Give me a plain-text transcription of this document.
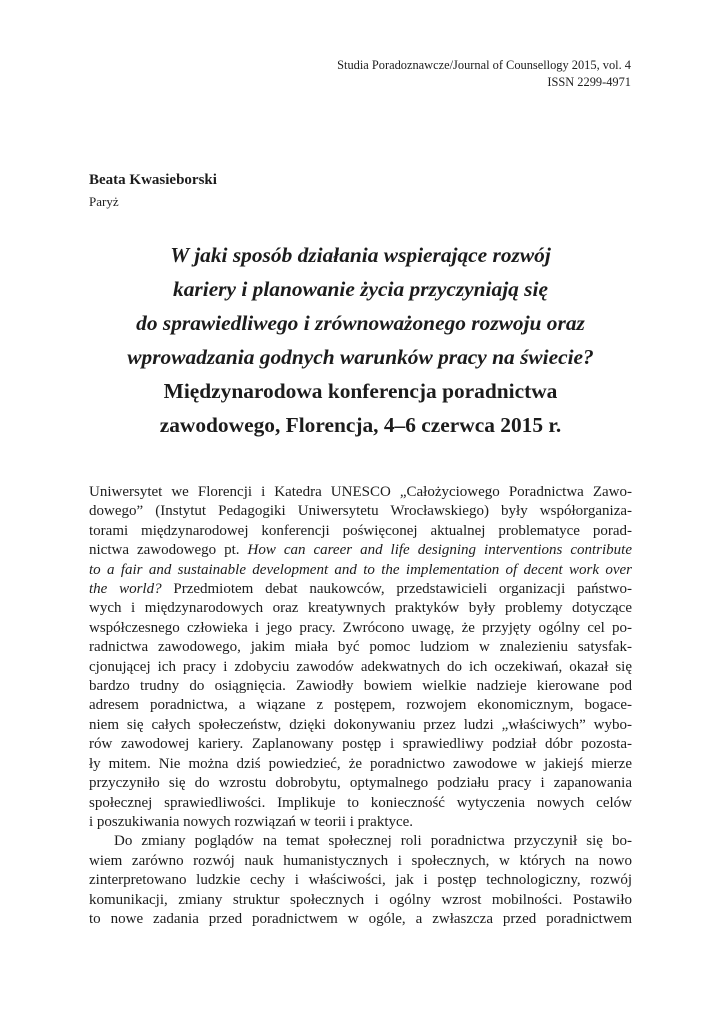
Studia Poradoznawcze/Journal of Counsellogy 2015, vol. 4
ISSN 2299-4971
Beata Kwasieborski
Paryż
W jaki sposób działania wspierające rozwój
kariery i planowanie życia przyczyniają się
do sprawiedliwego i zrównoważonego rozwoju oraz
wprowadzania godnych warunków pracy na świecie?
Międzynarodowa konferencja poradnictwa
zawodowego, Florencja, 4–6 czerwca 2015 r.
Uniwersytet we Florencji i Katedra UNESCO „Całożyciowego Poradnictwa Zawo-
dowego” (Instytut Pedagogiki Uniwersytetu Wrocławskiego) były współorganiza-
torami międzynarodowej konferencji poświęconej aktualnej problematyce porad-
nictwa zawodowego pt. How can career and life designing interventions contribute
to a fair and sustainable development and to the implementation of decent work over
the world? Przedmiotem debat naukowców, przedstawicieli organizacji państwo-
wych i międzynarodowych oraz kreatywnych praktyków były problemy dotyczące
współczesnego człowieka i jego pracy. Zwrócono uwagę, że przyjęty ogólny cel po-
radnictwa zawodowego, jakim miała być pomoc ludziom w znalezieniu satysfak-
cjonującej ich pracy i zdobyciu zawodów adekwatnych do ich oczekiwań, okazał się
bardzo trudny do osiągnięcia. Zawiodły bowiem wielkie nadzieje kierowane pod
adresem poradnictwa, a wiązane z postępem, rozwojem ekonomicznym, bogace-
niem się całych społeczeństw, dzięki dokonywaniu przez ludzi „właściwych” wybo-
rów zawodowej kariery. Zaplanowany postęp i sprawiedliwy podział dóbr pozosta-
ły mitem. Nie można dziś powiedzieć, że poradnictwo zawodowe w jakiejś mierze
przyczyniło się do wzrostu dobrobytu, optymalnego podziału pracy i zapanowania
społecznej sprawiedliwości. Implikuje to konieczność wytyczenia nowych celów
i poszukiwania nowych rozwiązań w teorii i praktyce.
Do zmiany poglądów na temat społecznej roli poradnictwa przyczynił się bo-
wiem zarówno rozwój nauk humanistycznych i społecznych, w których na nowo
zinterpretowano ludzkie cechy i właściwości, jak i postęp technologiczny, rozwój
komunikacji, zmiany struktur społecznych i ogólny wzrost mobilności. Postawiło
to nowe zadania przed poradnictwem w ogóle, a zwłaszcza przed poradnictwem
